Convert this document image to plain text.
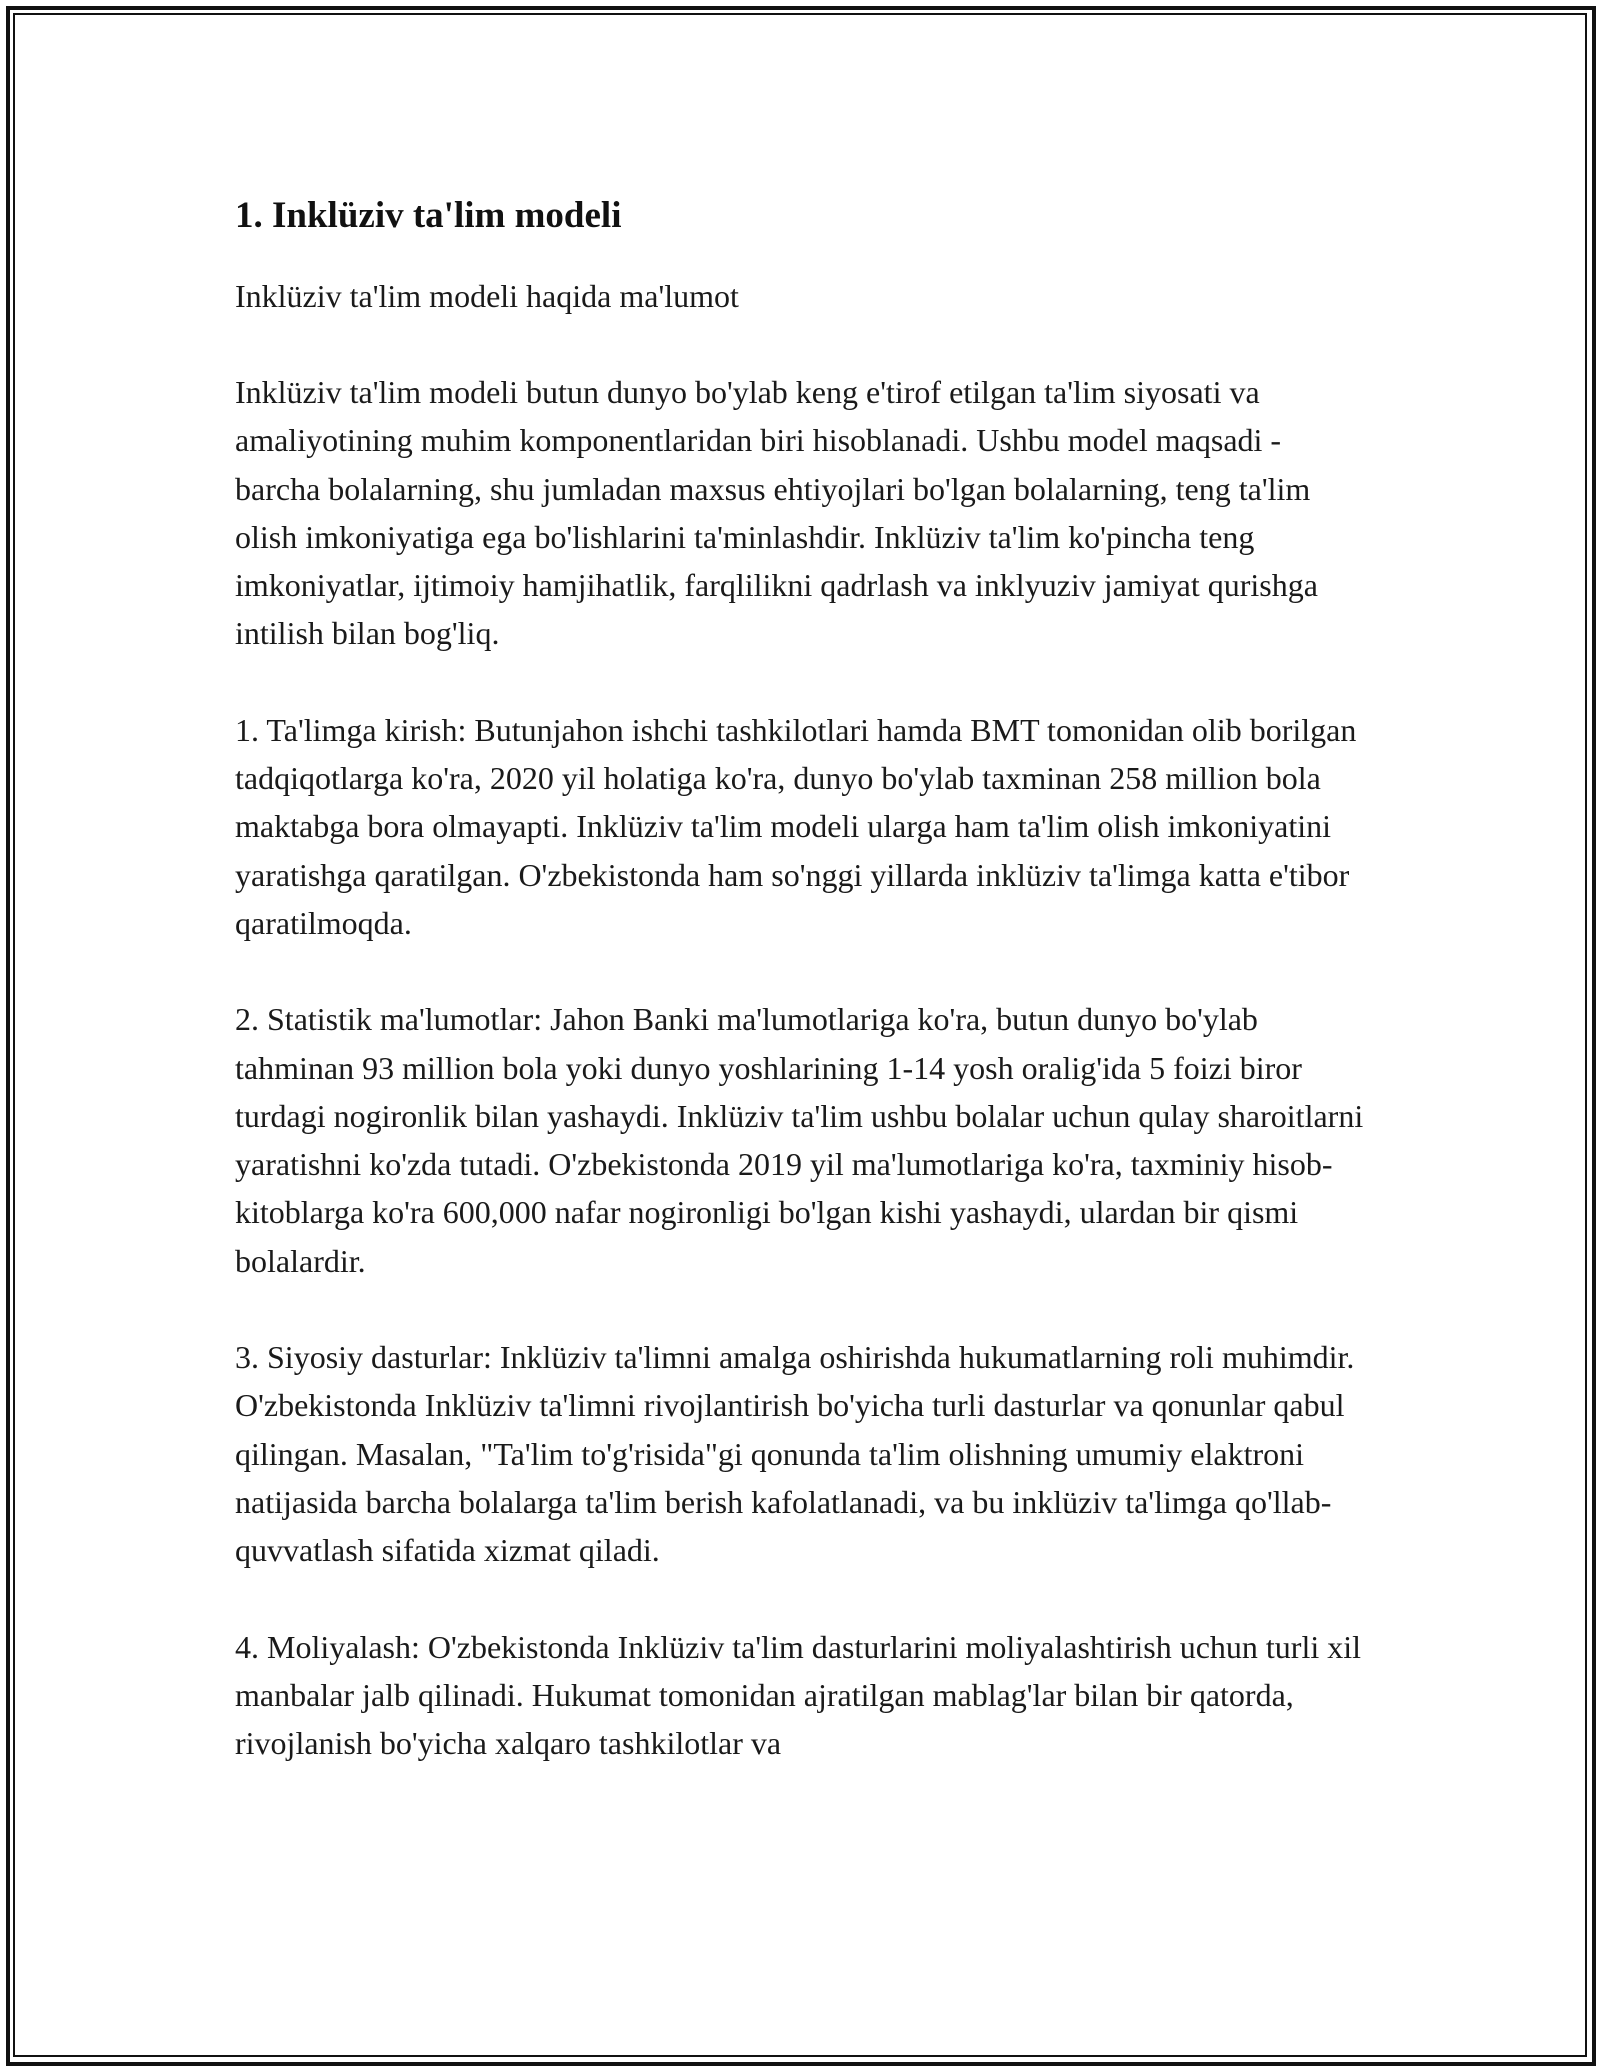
1. Inklüziv ta'lim modeli

Inklüziv ta'lim modeli haqida ma'lumot

Inklüziv ta'lim modeli butun dunyo bo'ylab keng e'tirof etilgan ta'lim siyosati va amaliyotining muhim komponentlaridan biri hisoblanadi. Ushbu model maqsadi - barcha bolalarning, shu jumladan maxsus ehtiyojlari bo'lgan bolalarning, teng ta'lim olish imkoniyatiga ega bo'lishlarini ta'minlashdir. Inklüziv ta'lim ko'pincha teng imkoniyatlar, ijtimoiy hamjihatlik, farqlilikni qadrlash va inklyuziv jamiyat qurishga intilish bilan bog'liq.

1. Ta'limga kirish: Butunjahon ishchi tashkilotlari hamda BMT tomonidan olib borilgan tadqiqotlarga ko'ra, 2020 yil holatiga ko'ra, dunyo bo'ylab taxminan 258 million bola maktabga bora olmayapti. Inklüziv ta'lim modeli ularga ham ta'lim olish imkoniyatini yaratishga qaratilgan. O'zbekistonda ham so'nggi yillarda inklüziv ta'limga katta e'tibor qaratilmoqda.

2. Statistik ma'lumotlar: Jahon Banki ma'lumotlariga ko'ra, butun dunyo bo'ylab tahminan 93 million bola yoki dunyo yoshlarining 1-14 yosh oralig'ida 5 foizi biror turdagi nogironlik bilan yashaydi. Inklüziv ta'lim ushbu bolalar uchun qulay sharoitlarni yaratishni ko'zda tutadi. O'zbekistonda 2019 yil ma'lumotlariga ko'ra, taxminiy hisob-kitoblarga ko'ra 600,000 nafar nogironligi bo'lgan kishi yashaydi, ulardan bir qismi bolalardir.

3. Siyosiy dasturlar: Inklüziv ta'limni amalga oshirishda hukumatlarning roli muhimdir. O'zbekistonda Inklüziv ta'limni rivojlantirish bo'yicha turli dasturlar va qonunlar qabul qilingan. Masalan, "Ta'lim to'g'risida"gi qonunda ta'lim olishning umumiy elaktroni natijasida barcha bolalarga ta'lim berish kafolatlanadi, va bu inklüziv ta'limga qo'llab-quvvatlash sifatida xizmat qiladi.

4. Moliyalash: O'zbekistonda Inklüziv ta'lim dasturlarini moliyalashtirish uchun turli xil manbalar jalb qilinadi. Hukumat tomonidan ajratilgan mablag'lar bilan bir qatorda, rivojlanish bo'yicha xalqaro tashkilotlar va
